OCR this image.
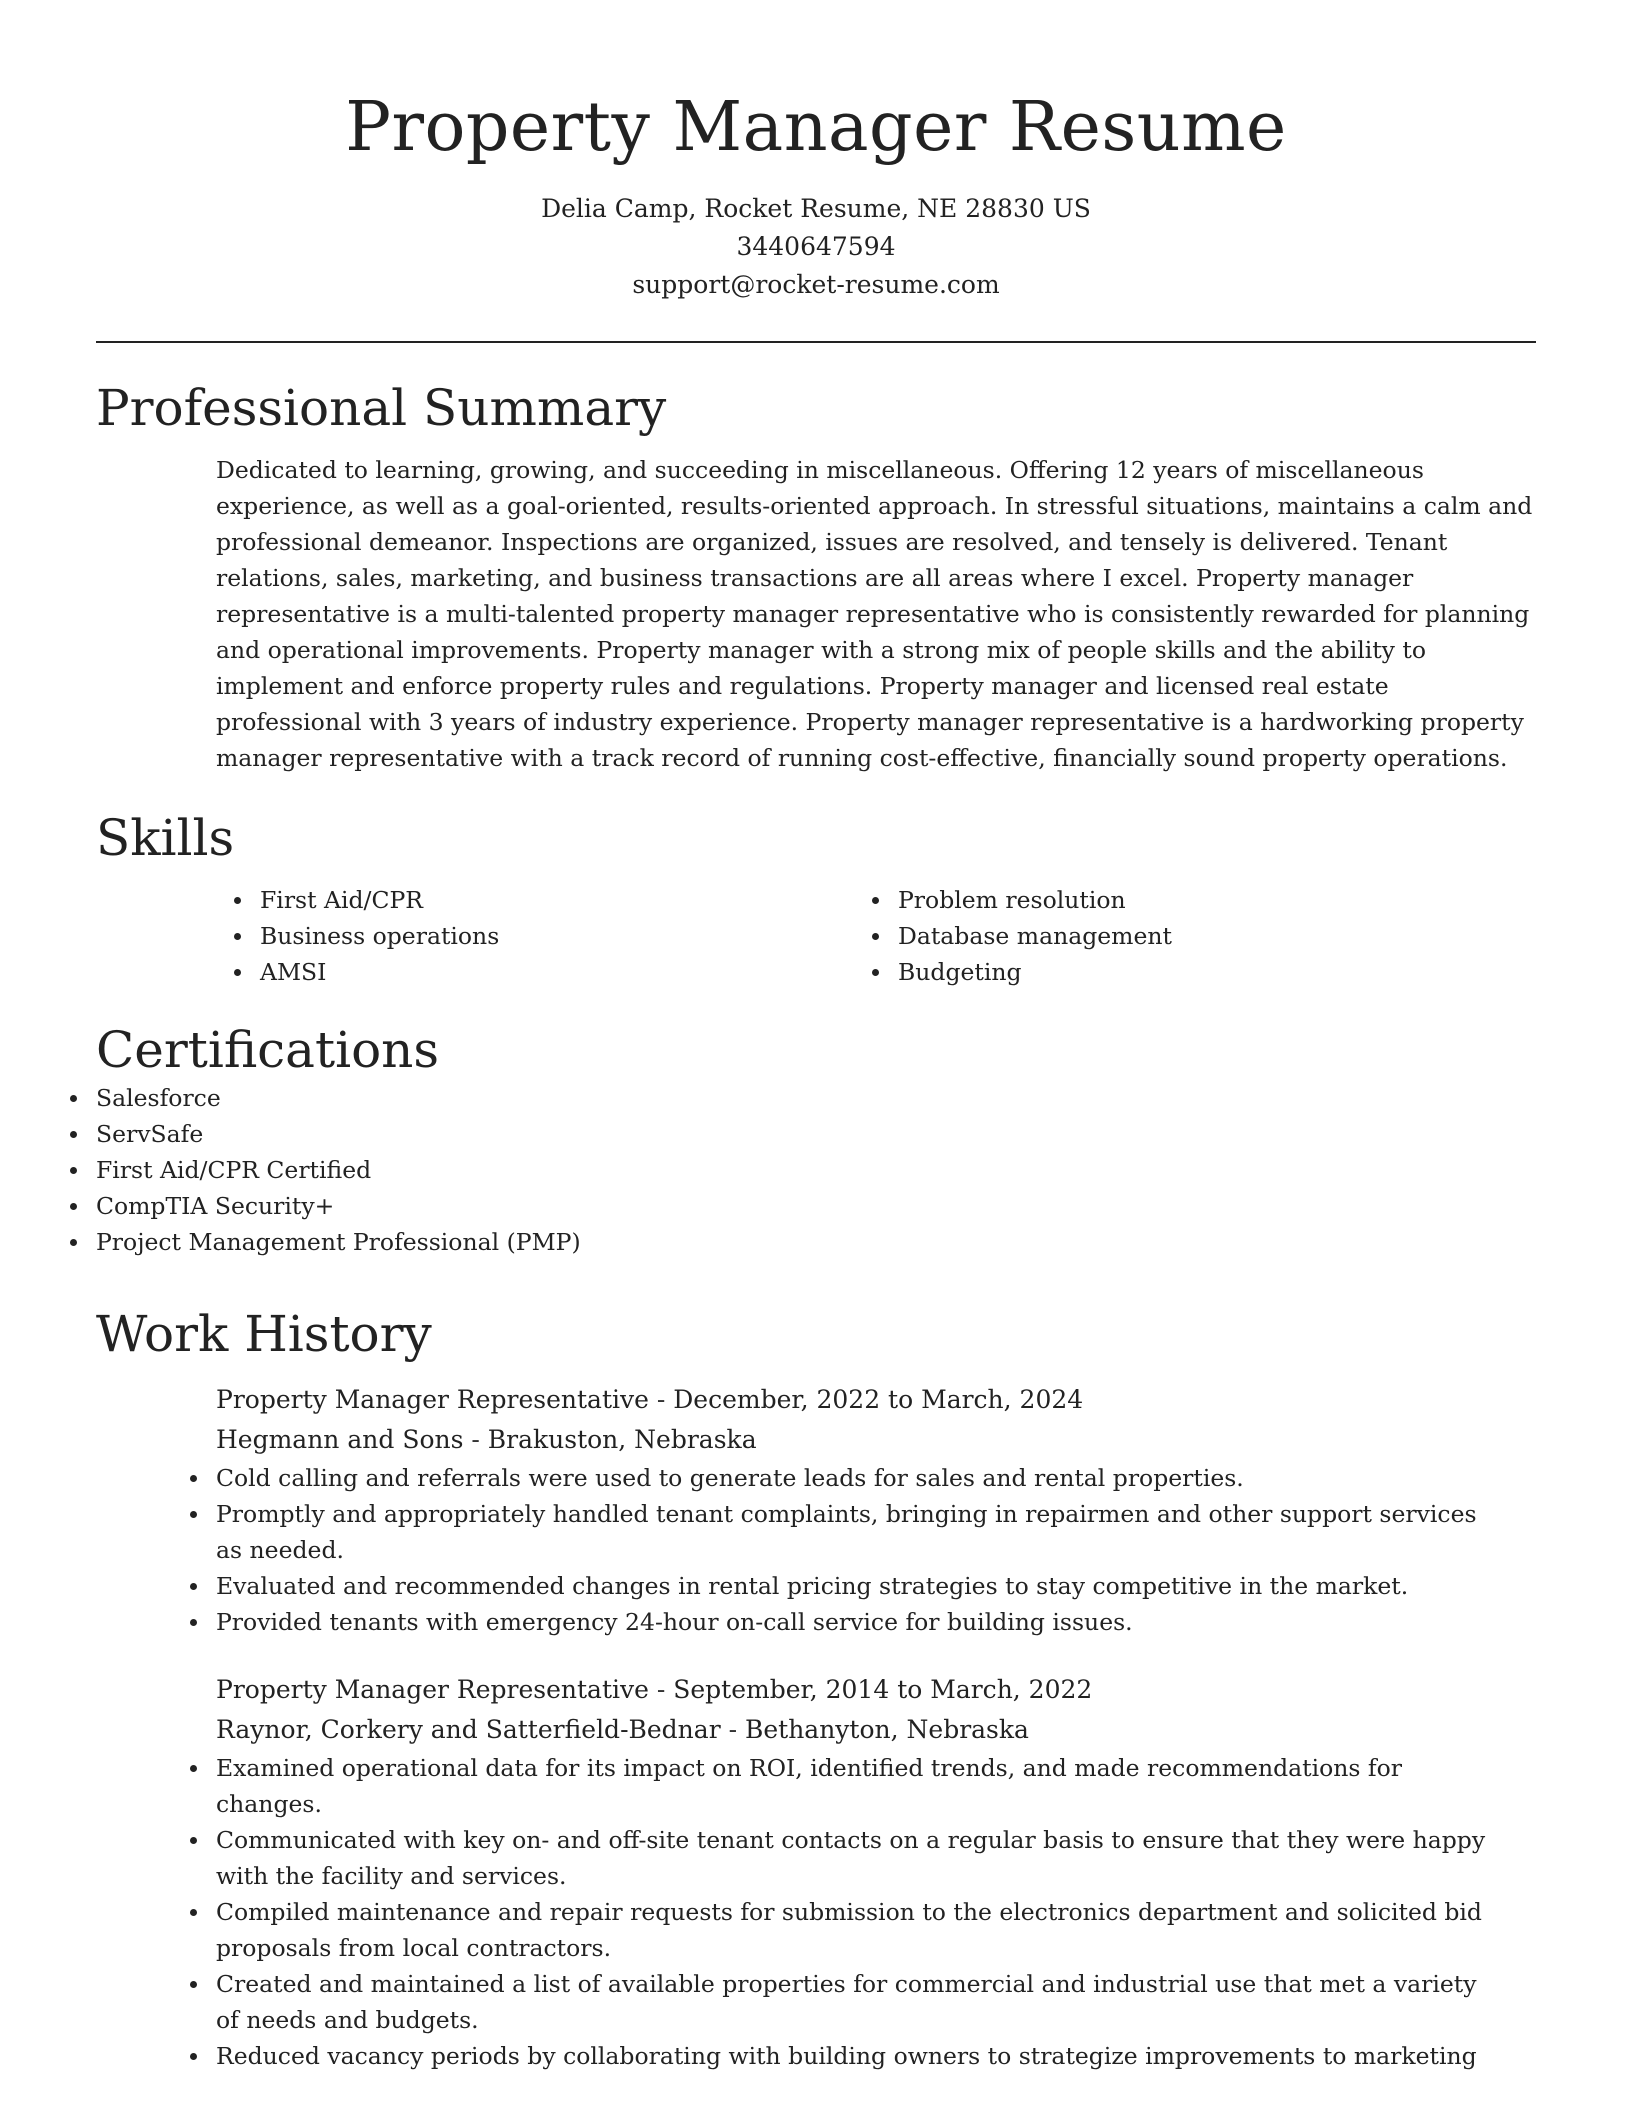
Property Manager Resume

Delia Camp, Rocket Resume, NE 28830 US

3440647594

support@rocket-resume.com

Professional Summary

Dedicated to learning, growing, and succeeding in miscellaneous. Offering 12 years of miscellaneous experience, as well as a goal-oriented, results-oriented approach. In stressful situations, maintains a calm and professional demeanor. Inspections are organized, issues are resolved, and tensely is delivered. Tenant relations, sales, marketing, and business transactions are all areas where I excel. Property manager representative is a multi-talented property manager representative who is consistently rewarded for planning and operational improvements. Property manager with a strong mix of people skills and the ability to implement and enforce property rules and regulations. Property manager and licensed real estate professional with 3 years of industry experience. Property manager representative is a hardworking property manager representative with a track record of running cost-effective, financially sound property operations.

Skills
First Aid/CPR
Business operations
AMSI
Problem resolution
Database management
Budgeting
Certifications
Salesforce
ServSafe
First Aid/CPR Certified
CompTIA Security+
Project Management Professional (PMP)
Work History

Property Manager Representative - December, 2022 to March, 2024

Hegmann and Sons - Brakuston, Nebraska

Cold calling and referrals were used to generate leads for sales and rental properties.
Promptly and appropriately handled tenant complaints, bringing in repairmen and other support services as needed.
Evaluated and recommended changes in rental pricing strategies to stay competitive in the market.
Provided tenants with emergency 24-hour on-call service for building issues.

Property Manager Representative - September, 2014 to March, 2022

Raynor, Corkery and Satterfield-Bednar - Bethanyton, Nebraska

Examined operational data for its impact on ROI, identified trends, and made recommendations for changes.
Communicated with key on- and off-site tenant contacts on a regular basis to ensure that they were happy with the facility and services.
Compiled maintenance and repair requests for submission to the electronics department and solicited bid proposals from local contractors.
Created and maintained a list of available properties for commercial and industrial use that met a variety of needs and budgets.
Reduced vacancy periods by collaborating with building owners to strategize improvements to marketing
